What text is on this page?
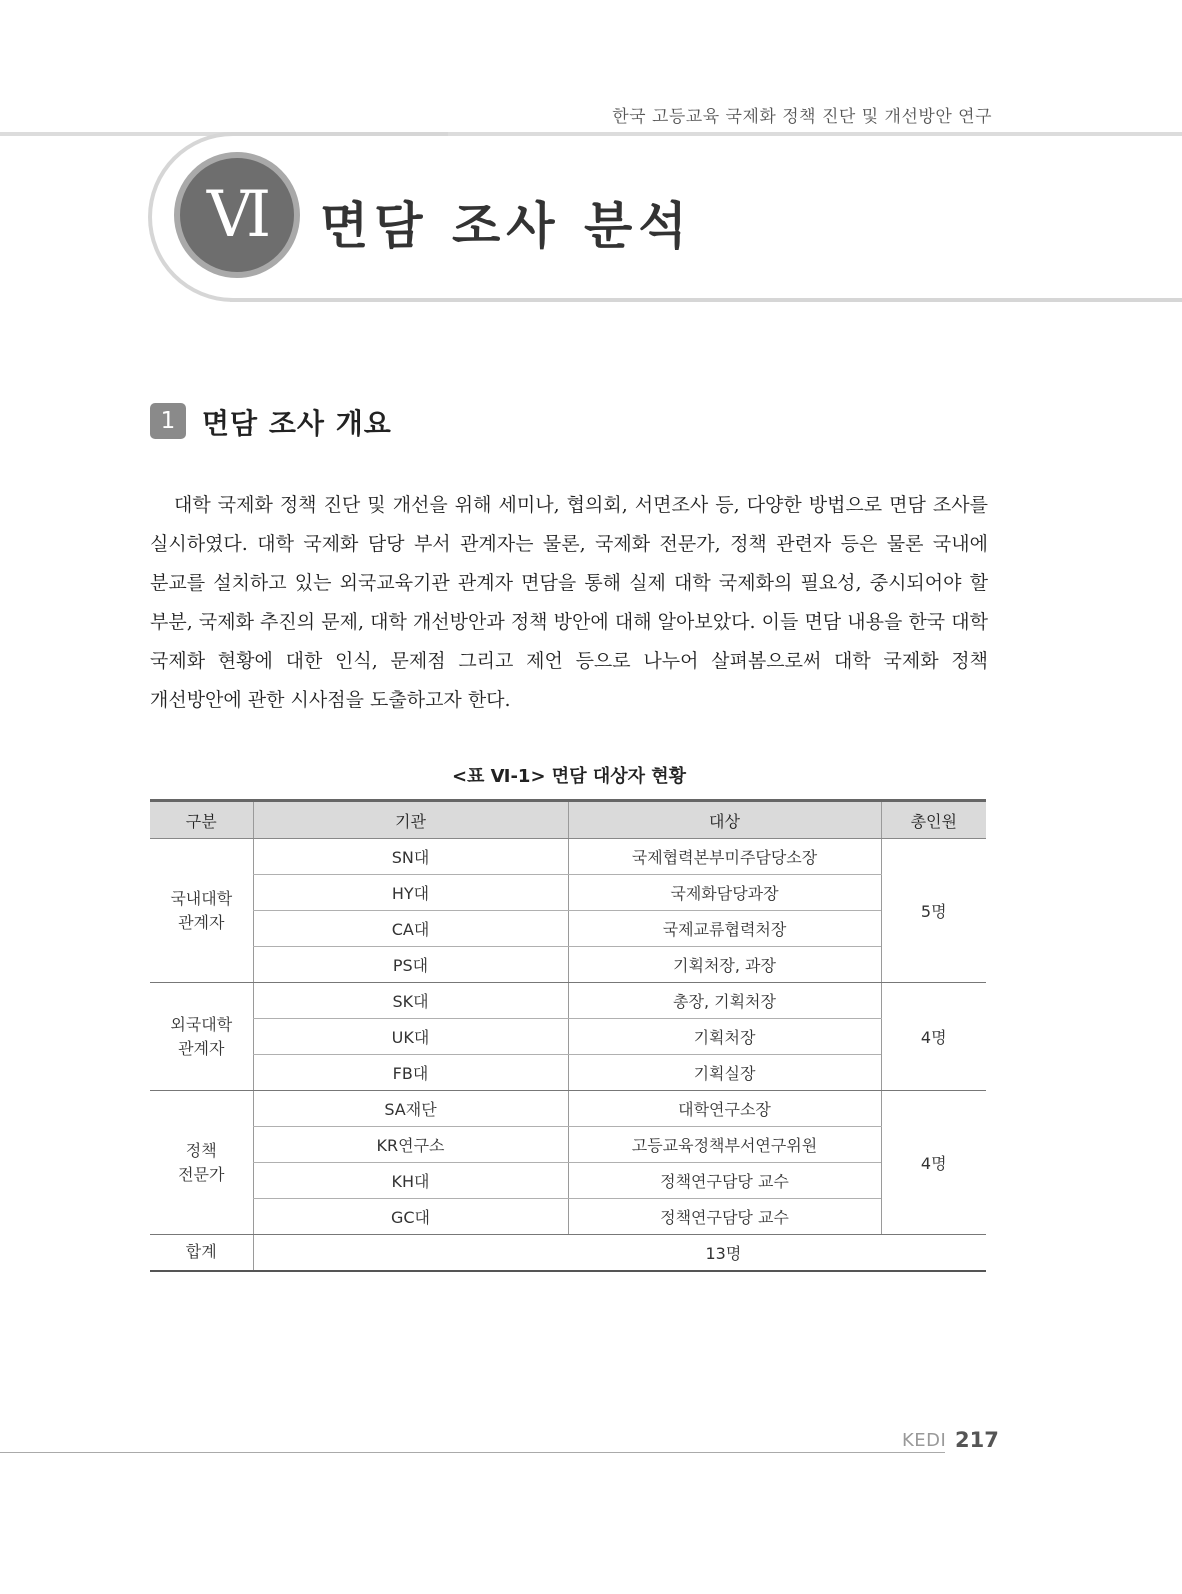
한국 고등교육 국제화 정책 진단 및 개선방안 연구
Ⅵ 면담 조사 분석
1 면담 조사 개요

대학 국제화 정책 진단 및 개선을 위해 세미나, 협의회, 서면조사 등, 다양한 방법으로 면담 조사를 실시하였다. 대학 국제화 담당 부서 관계자는 물론, 국제화 전문가, 정책 관련자 등은 물론 국내에 분교를 설치하고 있는 외국교육기관 관계자 면담을 통해 실제 대학 국제화의 필요성, 중시되어야 할 부분, 국제화 추진의 문제, 대학 개선방안과 정책 방안에 대해 알아보았다. 이들 면담 내용을 한국 대학 국제화 현황에 대한 인식, 문제점 그리고 제언 등으로 나누어 살펴봄으로써 대학 국제화 정책 개선방안에 관한 시사점을 도출하고자 한다.

<표 Ⅵ-1> 면담 대상자 현황
구분	기관	대상	총인원
국내대학
관계자	SN대	국제협력본부미주담당소장	5명
	HY대	국제화담당과장	
	CA대	국제교류협력처장	
	PS대	기획처장, 과장	
외국대학
관계자	SK대	총장, 기획처장	4명
	UK대	기획처장	
	FB대	기획실장	
정책
전문가	SA재단	대학연구소장	4명
	KR연구소	고등교육정책부서연구위원	
	KH대	정책연구담당 교수	
	GC대	정책연구담당 교수	
합계	13명		
KEDI 217
